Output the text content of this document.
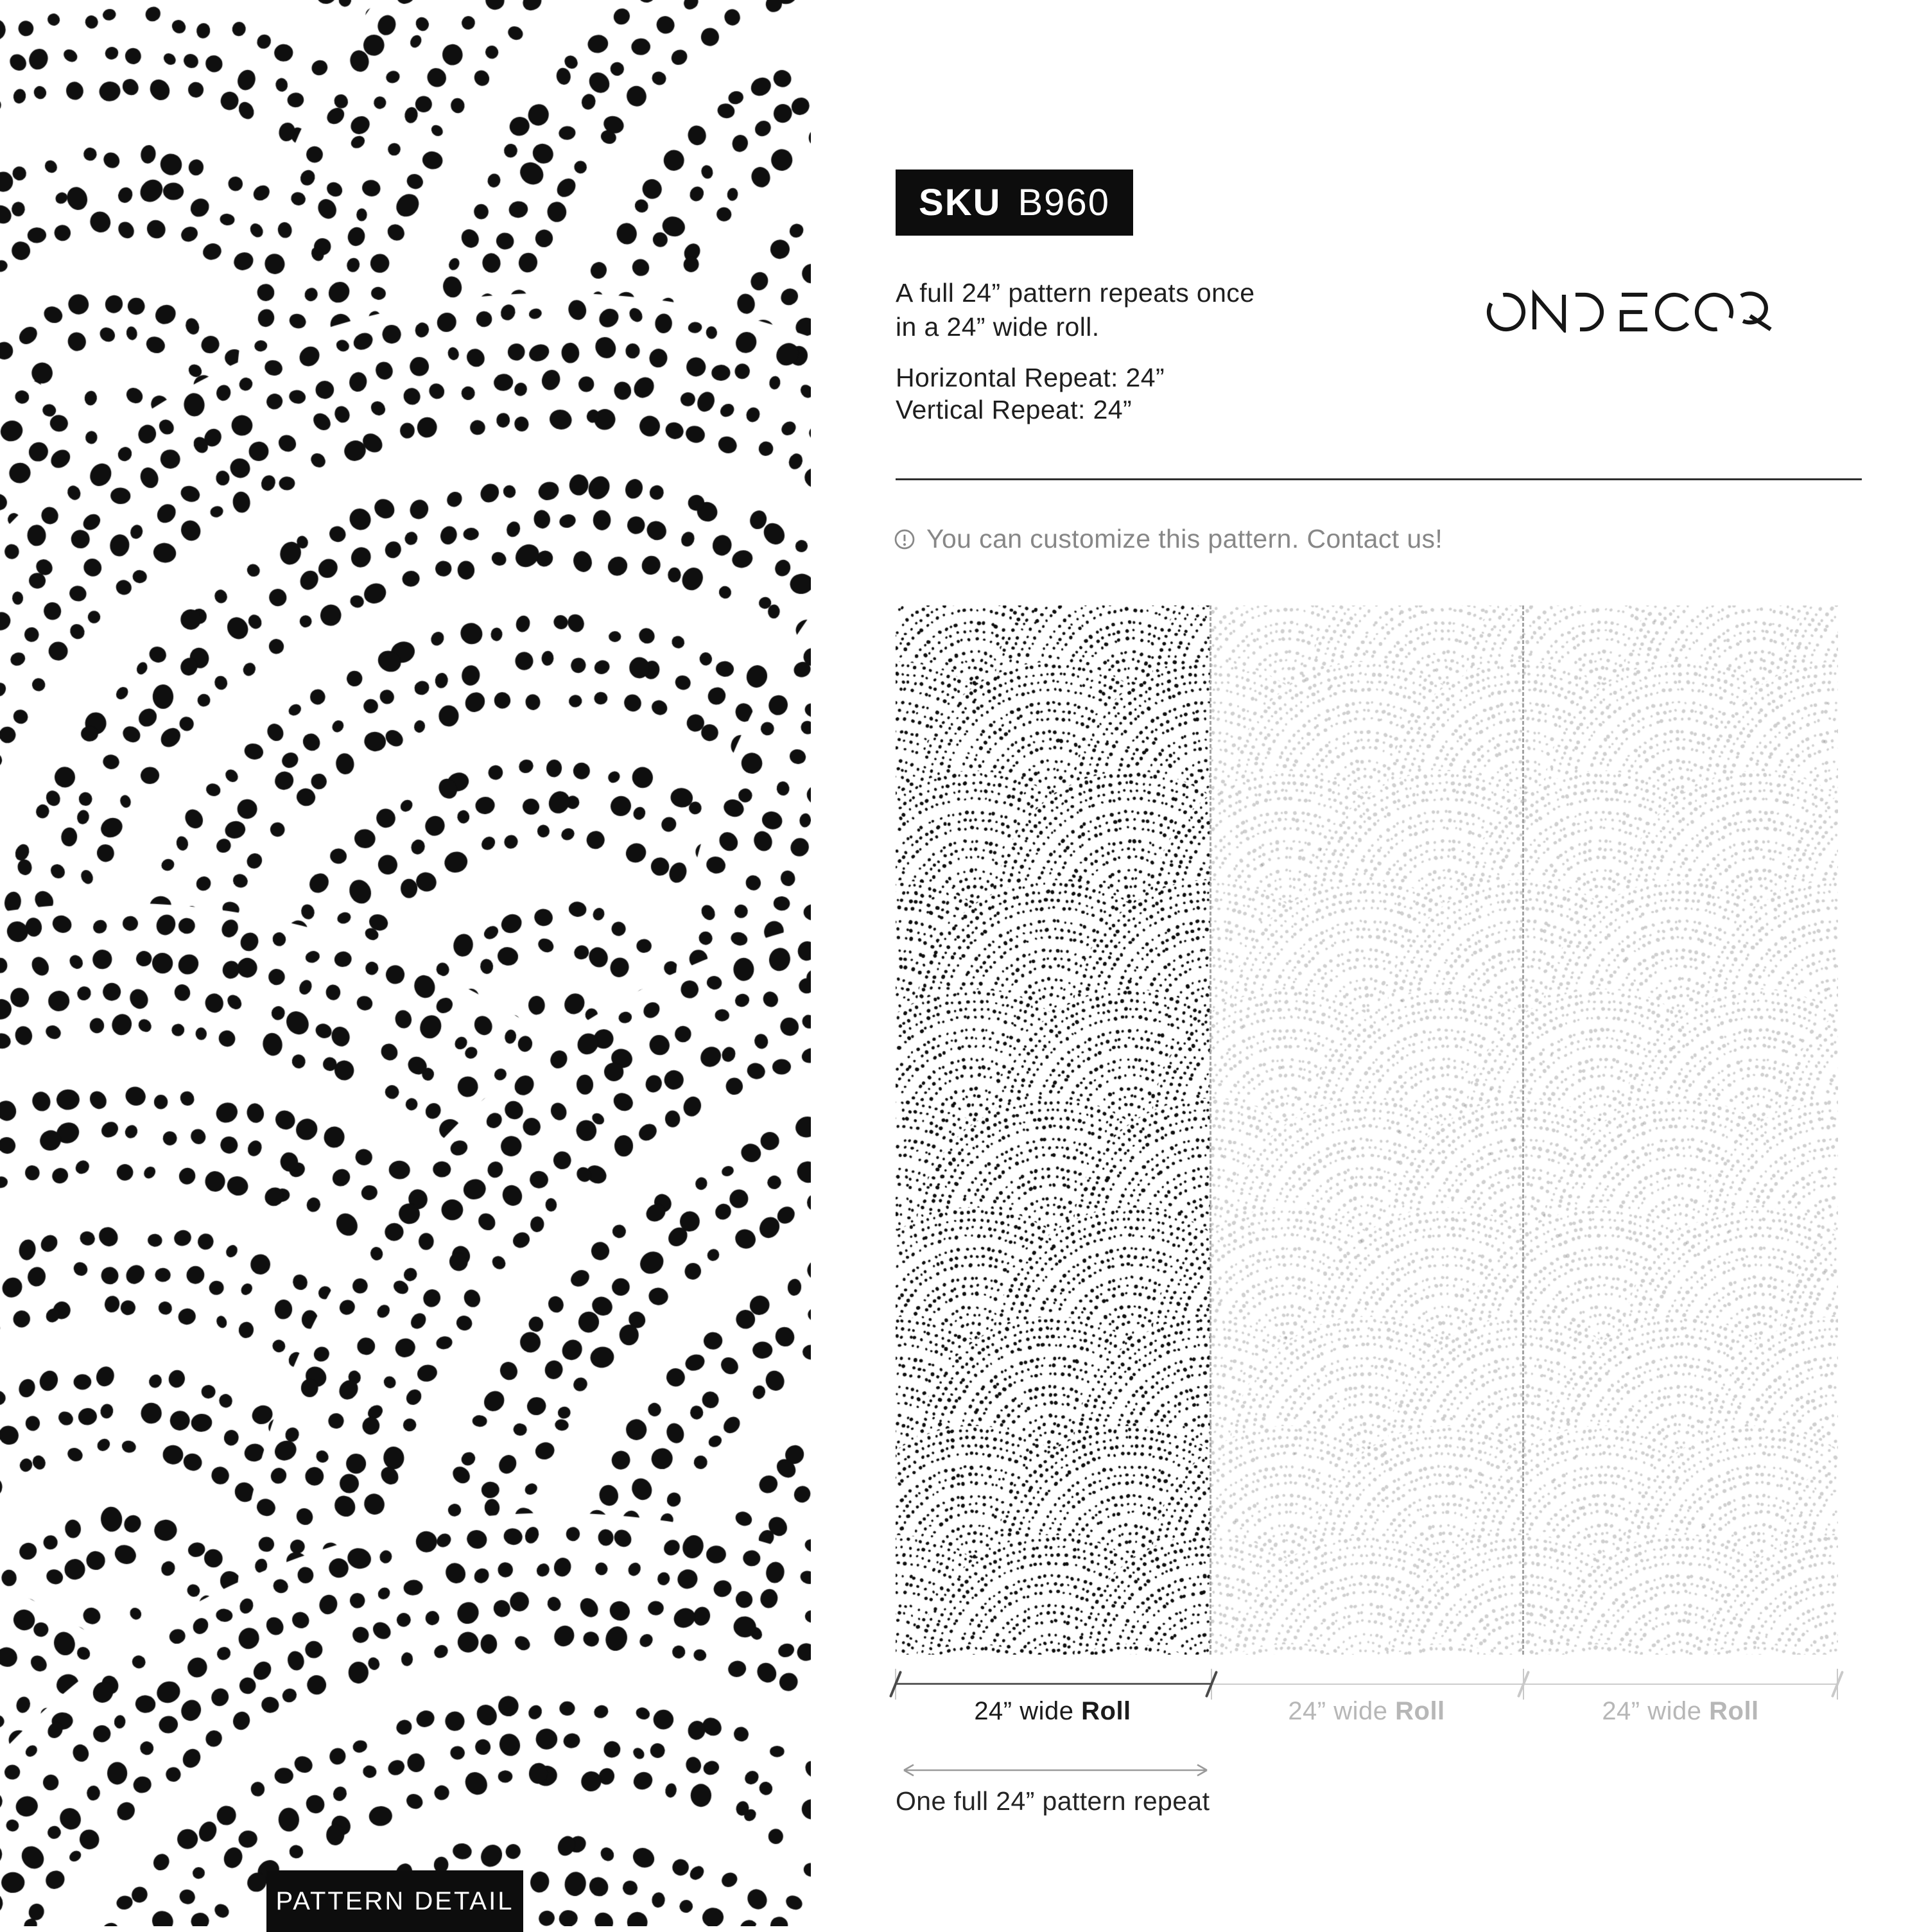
PATTERN DETAIL
SKU B960
A full 24” pattern repeats once
in a 24” wide roll.
Horizontal Repeat: 24”
Vertical Repeat: 24”
You can customize this pattern. Contact us!
24” wide Roll	24” wide Roll	24” wide Roll
One full 24” pattern repeat
